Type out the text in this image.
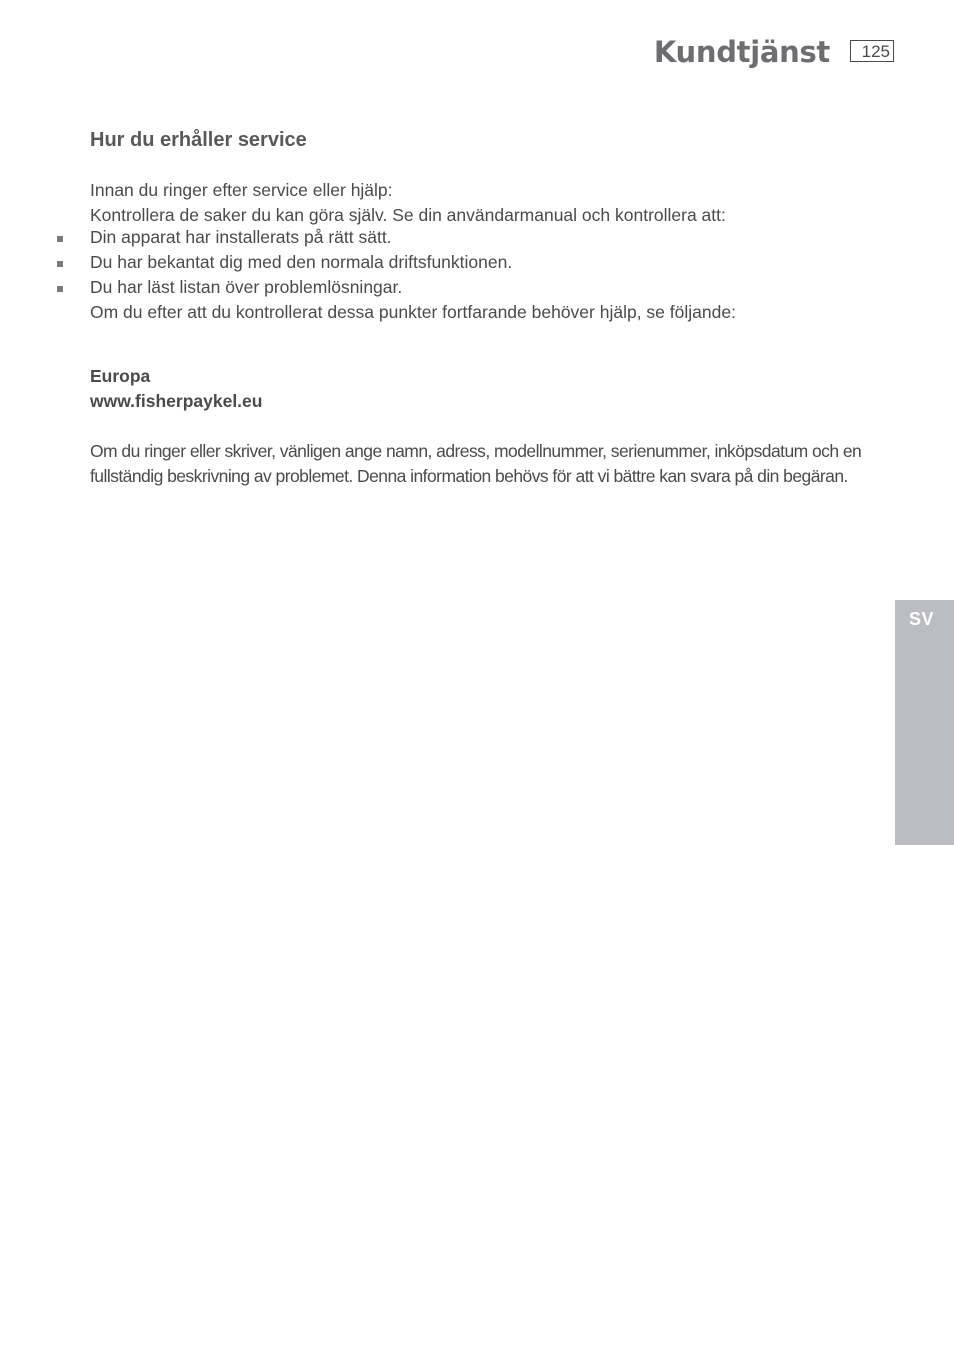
Kundtjänst	125
Hur du erhåller service
Innan du ringer efter service eller hjälp:
Kontrollera de saker du kan göra själv. Se din användarmanual och kontrollera att:
Din apparat har installerats på rätt sätt.
Du har bekantat dig med den normala driftsfunktionen.
Du har läst listan över problemlösningar.
Om du efter att du kontrollerat dessa punkter fortfarande behöver hjälp, se följande:
Europa
www.fisherpaykel.eu
Om du ringer eller skriver, vänligen ange namn, adress, modellnummer, serienummer, inköpsdatum och en fullständig beskrivning av problemet. Denna information behövs för att vi bättre kan svara på din begäran.
SV
